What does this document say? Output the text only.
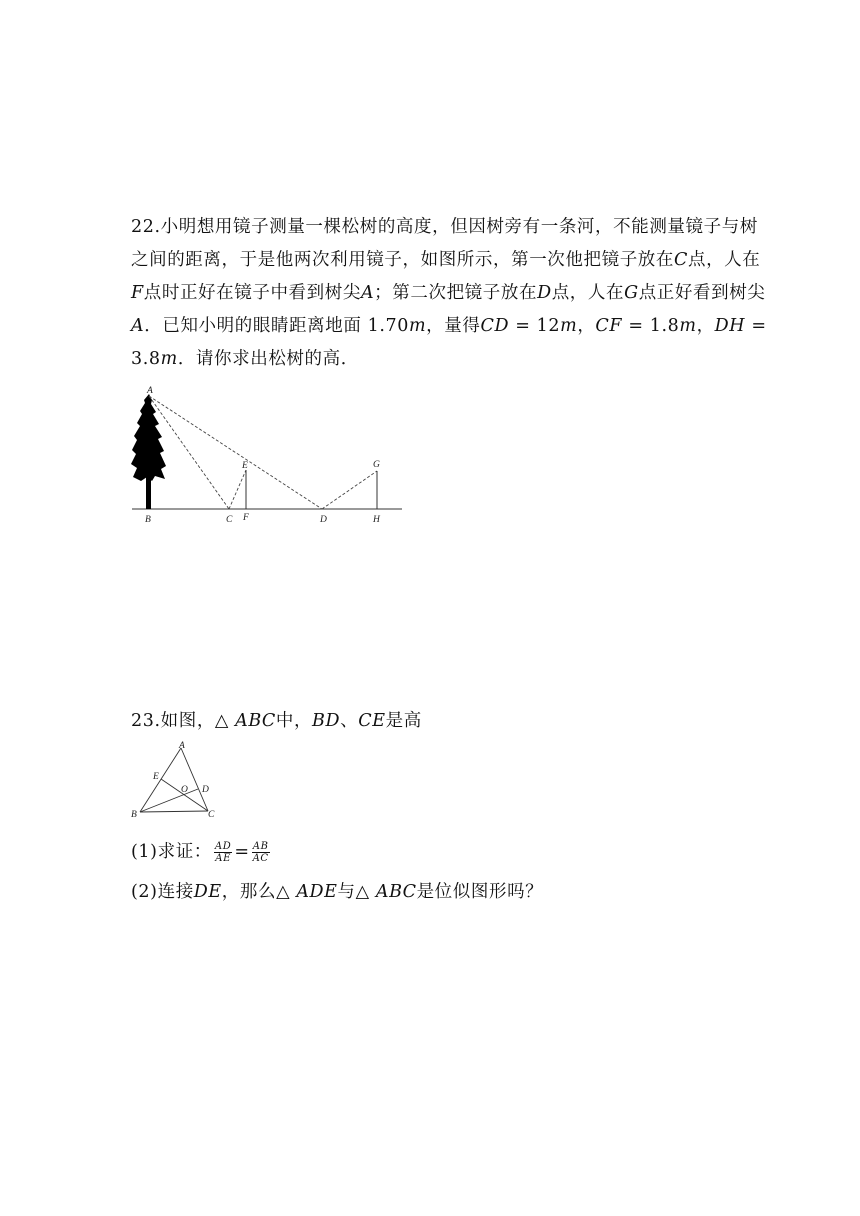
22.小明想用镜子测量一棵松树的高度，但因树旁有一条河，不能测量镜子与树
之间的距离，于是他两次利用镜子，如图所示，第一次他把镜子放在𝐶点，人在
𝐹点时正好在镜子中看到树尖𝐴；第二次把镜子放在𝐷点，人在𝐺点正好看到树尖
𝐴．已知小明的眼睛距离地面 1.70𝑚，量得𝐶𝐷 = 12𝑚，𝐶𝐹 = 1.8𝑚，𝐷𝐻 =
3.8𝑚．请你求出松树的高．
A
B	C F
E
D
G
H
23.如图，△ 𝐴𝐵𝐶中，𝐵𝐷、𝐶𝐸是高
A
B	C
D
E
O
(1)求证： $\frac{AD}{AE} = \frac{AB}{AC}$
(2)连接𝐷𝐸，那么△ 𝐴𝐷𝐸与△ 𝐴𝐵𝐶是位似图形吗？
